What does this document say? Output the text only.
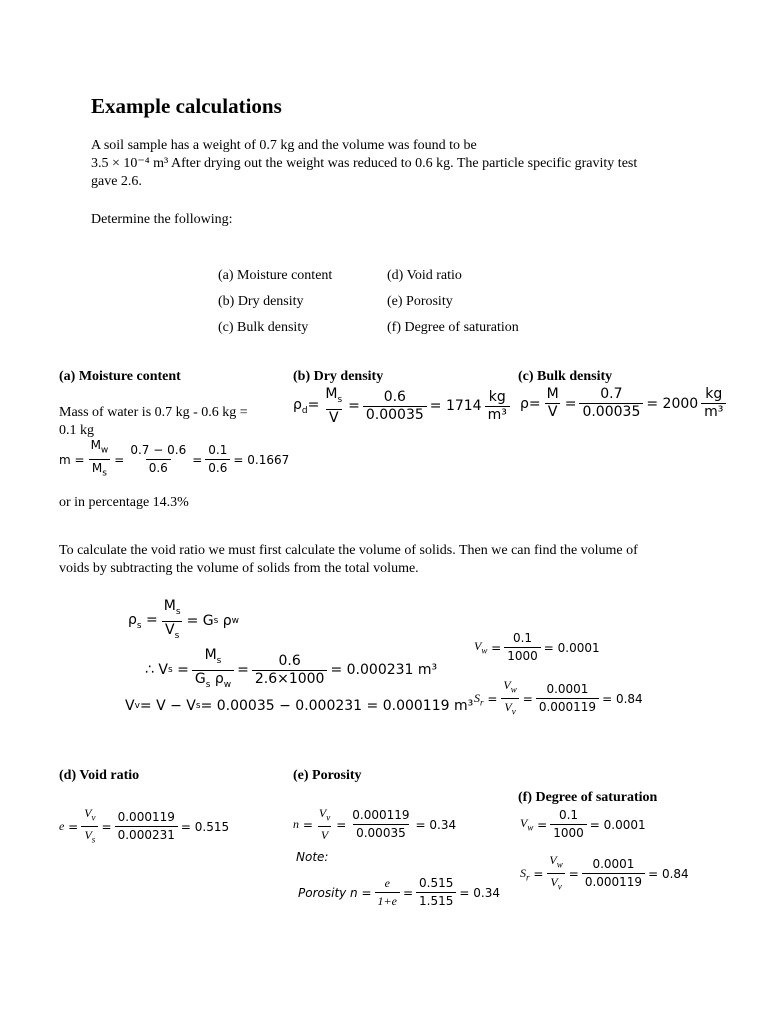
Example calculations
A soil sample has a weight of 0.7 kg and the volume was found to be
3.5 × 10⁻⁴ m³ After drying out the weight was reduced to 0.6 kg. The particle specific gravity test
gave 2.6.
Determine the following:
(a) Moisture content
(b) Dry density
(c) Bulk density
(d) Void ratio
(e) Porosity
(f) Degree of saturation
(a) Moisture content
Mass of water is 0.7 kg - 0.6 kg =
0.1 kg
$m = \frac{M_w}{M_s} = \frac{0.7 - 0.6}{0.6} = \frac{0.1}{0.6} = 0.1667$
or in percentage 14.3%
(b) Dry density
$\rho_d= \frac{M_s}{V} = \frac{0.6}{0.00035} = 1714 \frac{kg}{\text{m³}}$
(c) Bulk density
$\rho= \frac{M}{V} = \frac{0.7}{0.00035} = 2000 \frac{kg}{\text{m³}}$
To calculate the void ratio we must first calculate the volume of solids. Then we can find the volume of
voids by subtracting the volume of solids from the total volume.
$\rho_s = \frac{M_s}{V_s} = G$ s
ρ w
∴ V $s = \frac{M_s}{G_s \rho_w} = \frac{0.6}{2.6\times 1000} = 0.000231$ m³
V v = V − V s = 0.00035 − 0.000231 = 0.000119 m³
$V_w = \frac{0.1}{1000} = 0.0001$
$S_r = \frac{V_w}{V_v} = \frac{0.0001}{0.000119} = 0.84$
(d) Void ratio
$e = \frac{V_v}{V_s} = \frac{0.000119}{0.000231} = 0.515$
(e) Porosity
$n = \frac{V_v}{V} = \frac{0.000119}{0.00035} = 0.34$
Note:
Porosity $n = \frac{e}{1+e} = \frac{0.515}{1.515} = 0.34$
(f) Degree of saturation
$V_w = \frac{0.1}{1000} = 0.0001$
$S_r = \frac{V_w}{V_v} = \frac{0.0001}{0.000119} = 0.84$
